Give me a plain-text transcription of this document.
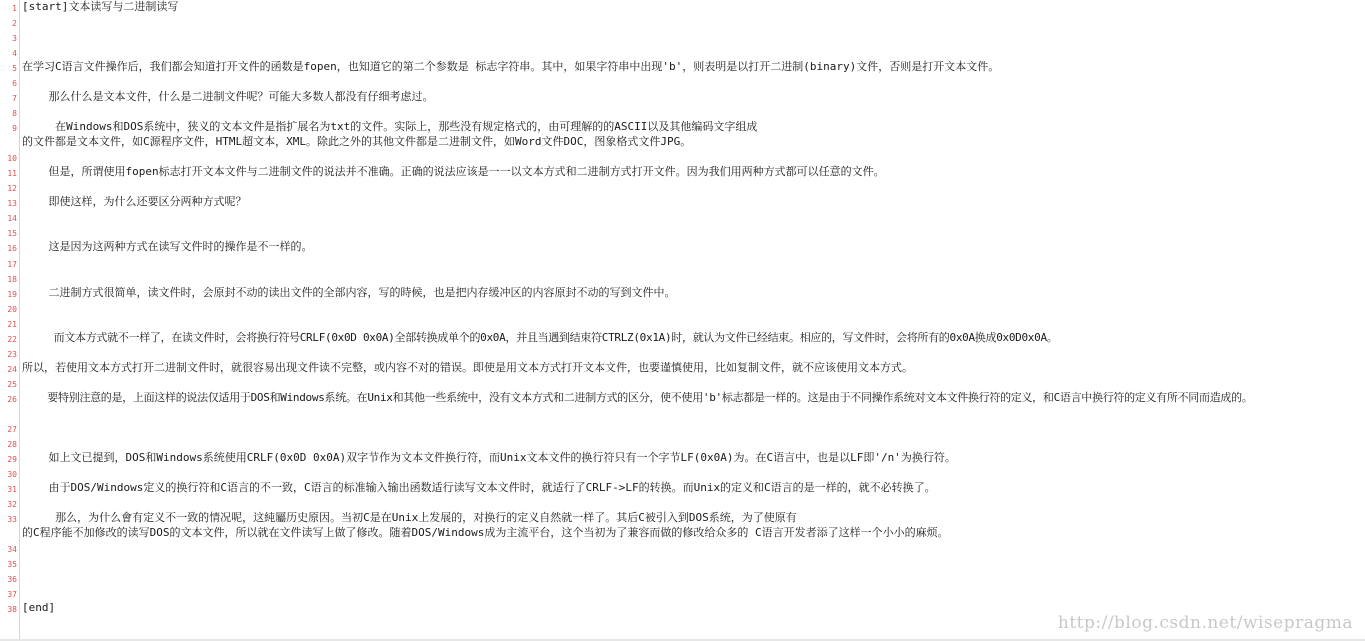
1
2
3
4
5
6
7
8
9
10
11
12
13
14
15
16
17
18
19
20
21
22
23
24
25
26
27
28
29
30
31
32
33
34
35
36
37
38
[start]文本读写与二进制读写
在学习C语言文件操作后，我们都会知道打开文件的函数是fopen，也知道它的第二个参数是 标志字符串。其中，如果字符串中出现'b'，则表明是以打开二进制(binary)文件，否则是打开文本文件。
那么什么是文本文件，什么是二进制文件呢？可能大多数人都没有仔细考虑过。
在Windows和DOS系统中，狭义的文本文件是指扩展名为txt的文件。实际上，那些没有规定格式的，由可理解的的ASCII以及其他编码文字组成
的文件都是文本文件，如C源程序文件，HTML超文本，XML。除此之外的其他文件都是二进制文件，如Word文件DOC，图象格式文件JPG。
但是，所谓使用fopen标志打开文本文件与二进制文件的说法并不准确。正确的说法应该是一一以文本方式和二进制方式打开文件。因为我们用两种方式都可以任意的文件。
即使这样，为什么还要区分两种方式呢？
这是因为这两种方式在读写文件时的操作是不一样的。
二进制方式很简单，读文件时，会原封不动的读出文件的全部内容，写的時候，也是把内存缓冲区的内容原封不动的写到文件中。
而文本方式就不一样了，在读文件时，会将换行符号CRLF(0x0D 0x0A)全部转换成单个的0x0A，并且当遇到结束符CTRLZ(0x1A)时，就认为文件已经结束。相应的，写文件时，会将所有的0x0A换成0x0D0x0A。
所以，若使用文本方式打开二进制文件时，就很容易出现文件读不完整，或内容不对的错误。即使是用文本方式打开文本文件，也要谨慎使用，比如复制文件，就不应该使用文本方式。
要特别注意的是，上面这样的说法仅适用于DOS和Windows系统。在Unix和其他一些系统中，没有文本方式和二进制方式的区分，使不使用'b'标志都是一样的。这是由于不同操作系统对文本文件换行符的定义，和C语言中换行符的定义有所不同而造成的。
如上文已提到，DOS和Windows系统使用CRLF(0x0D 0x0A)双字节作为文本文件换行符，而Unix文本文件的换行符只有一个字节LF(0x0A)为。在C语言中，也是以LF即'/n'为换行符。
由于DOS/Windows定义的换行符和C语言的不一致，C语言的标准输入输出函数适行读写文本文件时，就适行了CRLF->LF的转换。而Unix的定义和C语言的是一样的，就不必转换了。
那么，为什么會有定义不一致的情况呢，这純屬历史原因。当初C是在Unix上发展的，对换行的定义自然就一样了。其后C被引入到DOS系统，为了使原有
的C程序能不加修改的读写DOS的文本文件，所以就在文件读写上做了修改。随着DOS/Windows成为主流平台，这个当初为了兼容而做的修改给众多的 C语言开发者添了这样一个小小的麻烦。
[end]
http://blog.csdn.net/wisepragma
